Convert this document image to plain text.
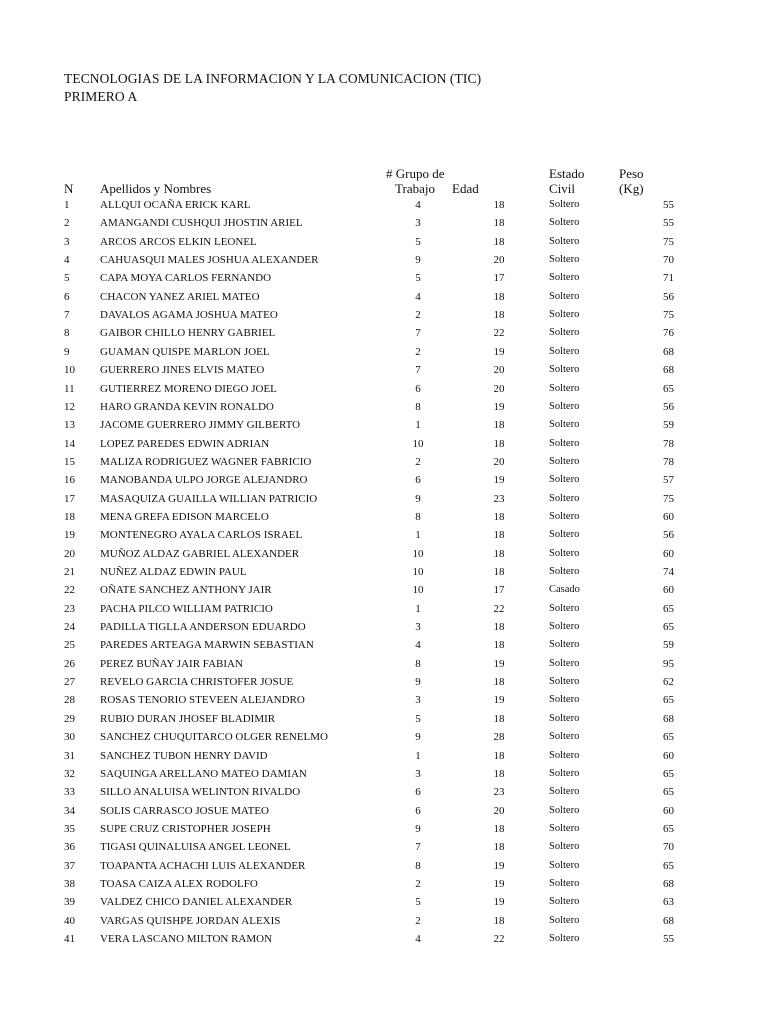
TECNOLOGIAS DE LA INFORMACION Y LA COMUNICACION (TIC)
PRIMERO A
N Apellidos y Nombres
# Grupo de
Trabajo Edad
Estado
Civil
Peso
(Kg)
1	ALLQUI OCAÑA ERICK KARL	4	18	Soltero	55
2	AMANGANDI CUSHQUI JHOSTIN ARIEL	3	18	Soltero	55
3	ARCOS ARCOS ELKIN LEONEL	5	18	Soltero	75
4	CAHUASQUI MALES JOSHUA ALEXANDER	9	20	Soltero	70
5	CAPA MOYA CARLOS FERNANDO	5	17	Soltero	71
6	CHACON YANEZ ARIEL MATEO	4	18	Soltero	56
7	DAVALOS AGAMA JOSHUA MATEO	2	18	Soltero	75
8	GAIBOR CHILLO HENRY GABRIEL	7	22	Soltero	76
9	GUAMAN QUISPE MARLON JOEL	2	19	Soltero	68
10 GUERRERO JINES ELVIS MATEO	7	20	Soltero	68
11 GUTIERREZ MORENO DIEGO JOEL	6	20	Soltero	65
12 HARO GRANDA KEVIN RONALDO	8	19	Soltero	56
13 JACOME GUERRERO JIMMY GILBERTO	1	18	Soltero	59
14 LOPEZ PAREDES EDWIN ADRIAN	10	18	Soltero	78
15 MALIZA RODRIGUEZ WAGNER FABRICIO	2	20	Soltero	78
16 MANOBANDA ULPO JORGE ALEJANDRO	6	19	Soltero	57
17 MASAQUIZA GUAILLA WILLIAN PATRICIO	9	23	Soltero	75
18 MENA GREFA EDISON MARCELO	8	18	Soltero	60
19 MONTENEGRO AYALA CARLOS ISRAEL	1	18	Soltero	56
20 MUÑOZ ALDAZ GABRIEL ALEXANDER	10	18	Soltero	60
21 NUÑEZ ALDAZ EDWIN PAUL	10	18	Soltero	74
22 OÑATE SANCHEZ ANTHONY JAIR	10	17	Casado	60
23 PACHA PILCO WILLIAM PATRICIO	1	22	Soltero	65
24 PADILLA TIGLLA ANDERSON EDUARDO	3	18	Soltero	65
25 PAREDES ARTEAGA MARWIN SEBASTIAN	4	18	Soltero	59
26 PEREZ BUÑAY JAIR FABIAN	8	19	Soltero	95
27 REVELO GARCIA CHRISTOFER JOSUE	9	18	Soltero	62
28 ROSAS TENORIO STEVEEN ALEJANDRO	3	19	Soltero	65
29 RUBIO DURAN JHOSEF BLADIMIR	5	18	Soltero	68
30 SANCHEZ CHUQUITARCO OLGER RENELMO	9	28	Soltero	65
31 SANCHEZ TUBON HENRY DAVID	1	18	Soltero	60
32 SAQUINGA ARELLANO MATEO DAMIAN	3	18	Soltero	65
33 SILLO ANALUISA WELINTON RIVALDO	6	23	Soltero	65
34 SOLIS CARRASCO JOSUE MATEO	6	20	Soltero	60
35 SUPE CRUZ CRISTOPHER JOSEPH	9	18	Soltero	65
36 TIGASI QUINALUISA ANGEL LEONEL	7	18	Soltero	70
37 TOAPANTA ACHACHI LUIS ALEXANDER	8	19	Soltero	65
38 TOASA CAIZA ALEX RODOLFO	2	19	Soltero	68
39 VALDEZ CHICO DANIEL ALEXANDER	5	19	Soltero	63
40 VARGAS QUISHPE JORDAN ALEXIS	2	18	Soltero	68
41 VERA LASCANO MILTON RAMON	4	22	Soltero	55
